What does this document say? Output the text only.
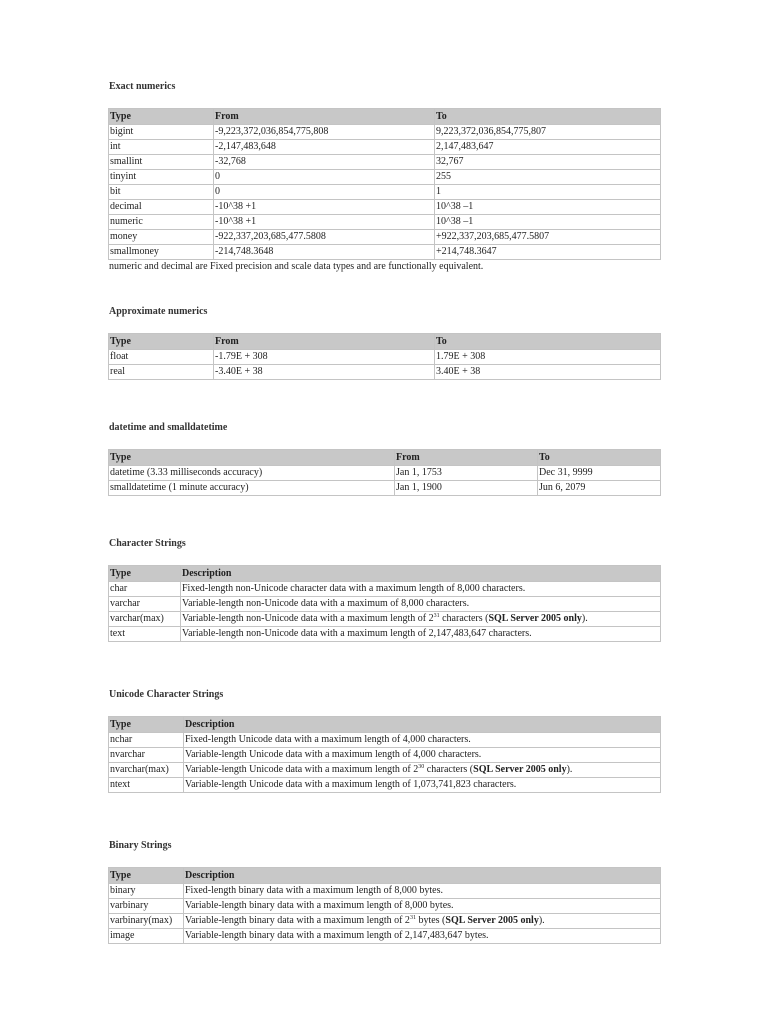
Exact numerics
Type	From	To
bigint	-9,223,372,036,854,775,808	9,223,372,036,854,775,807
int	-2,147,483,648	2,147,483,647
smallint	-32,768	32,767
tinyint	0	255
bit	0	1
decimal	-10^38 +1	10^38 –1
numeric	-10^38 +1	10^38 –1
money	-922,337,203,685,477.5808	+922,337,203,685,477.5807
smallmoney	-214,748.3648	+214,748.3647
numeric and decimal are Fixed precision and scale data types and are functionally equivalent.
Approximate numerics
Type	From	To
float	-1.79E + 308	1.79E + 308
real	-3.40E + 38	3.40E + 38
datetime and smalldatetime
Type	From	To
datetime (3.33 milliseconds accuracy)	Jan 1, 1753	Dec 31, 9999
smalldatetime (1 minute accuracy)	Jan 1, 1900	Jun 6, 2079
Character Strings
Type	Description
char	Fixed-length non-Unicode character data with a maximum length of 8,000 characters.
varchar	Variable-length non-Unicode data with a maximum of 8,000 characters.
varchar(max)	Variable-length non-Unicode data with a maximum length of $2^{31}$ characters (SQL Server 2005 only).
text	Variable-length non-Unicode data with a maximum length of 2,147,483,647 characters.
Unicode Character Strings
Type	Description
nchar	Fixed-length Unicode data with a maximum length of 4,000 characters.
nvarchar	Variable-length Unicode data with a maximum length of 4,000 characters.
nvarchar(max)	Variable-length Unicode data with a maximum length of $2^{30}$ characters (SQL Server 2005 only).
ntext	Variable-length Unicode data with a maximum length of 1,073,741,823 characters.
Binary Strings
Type	Description
binary	Fixed-length binary data with a maximum length of 8,000 bytes.
varbinary	Variable-length binary data with a maximum length of 8,000 bytes.
varbinary(max)	Variable-length binary data with a maximum length of $2^{31}$ bytes (SQL Server 2005 only).
image	Variable-length binary data with a maximum length of 2,147,483,647 bytes.
